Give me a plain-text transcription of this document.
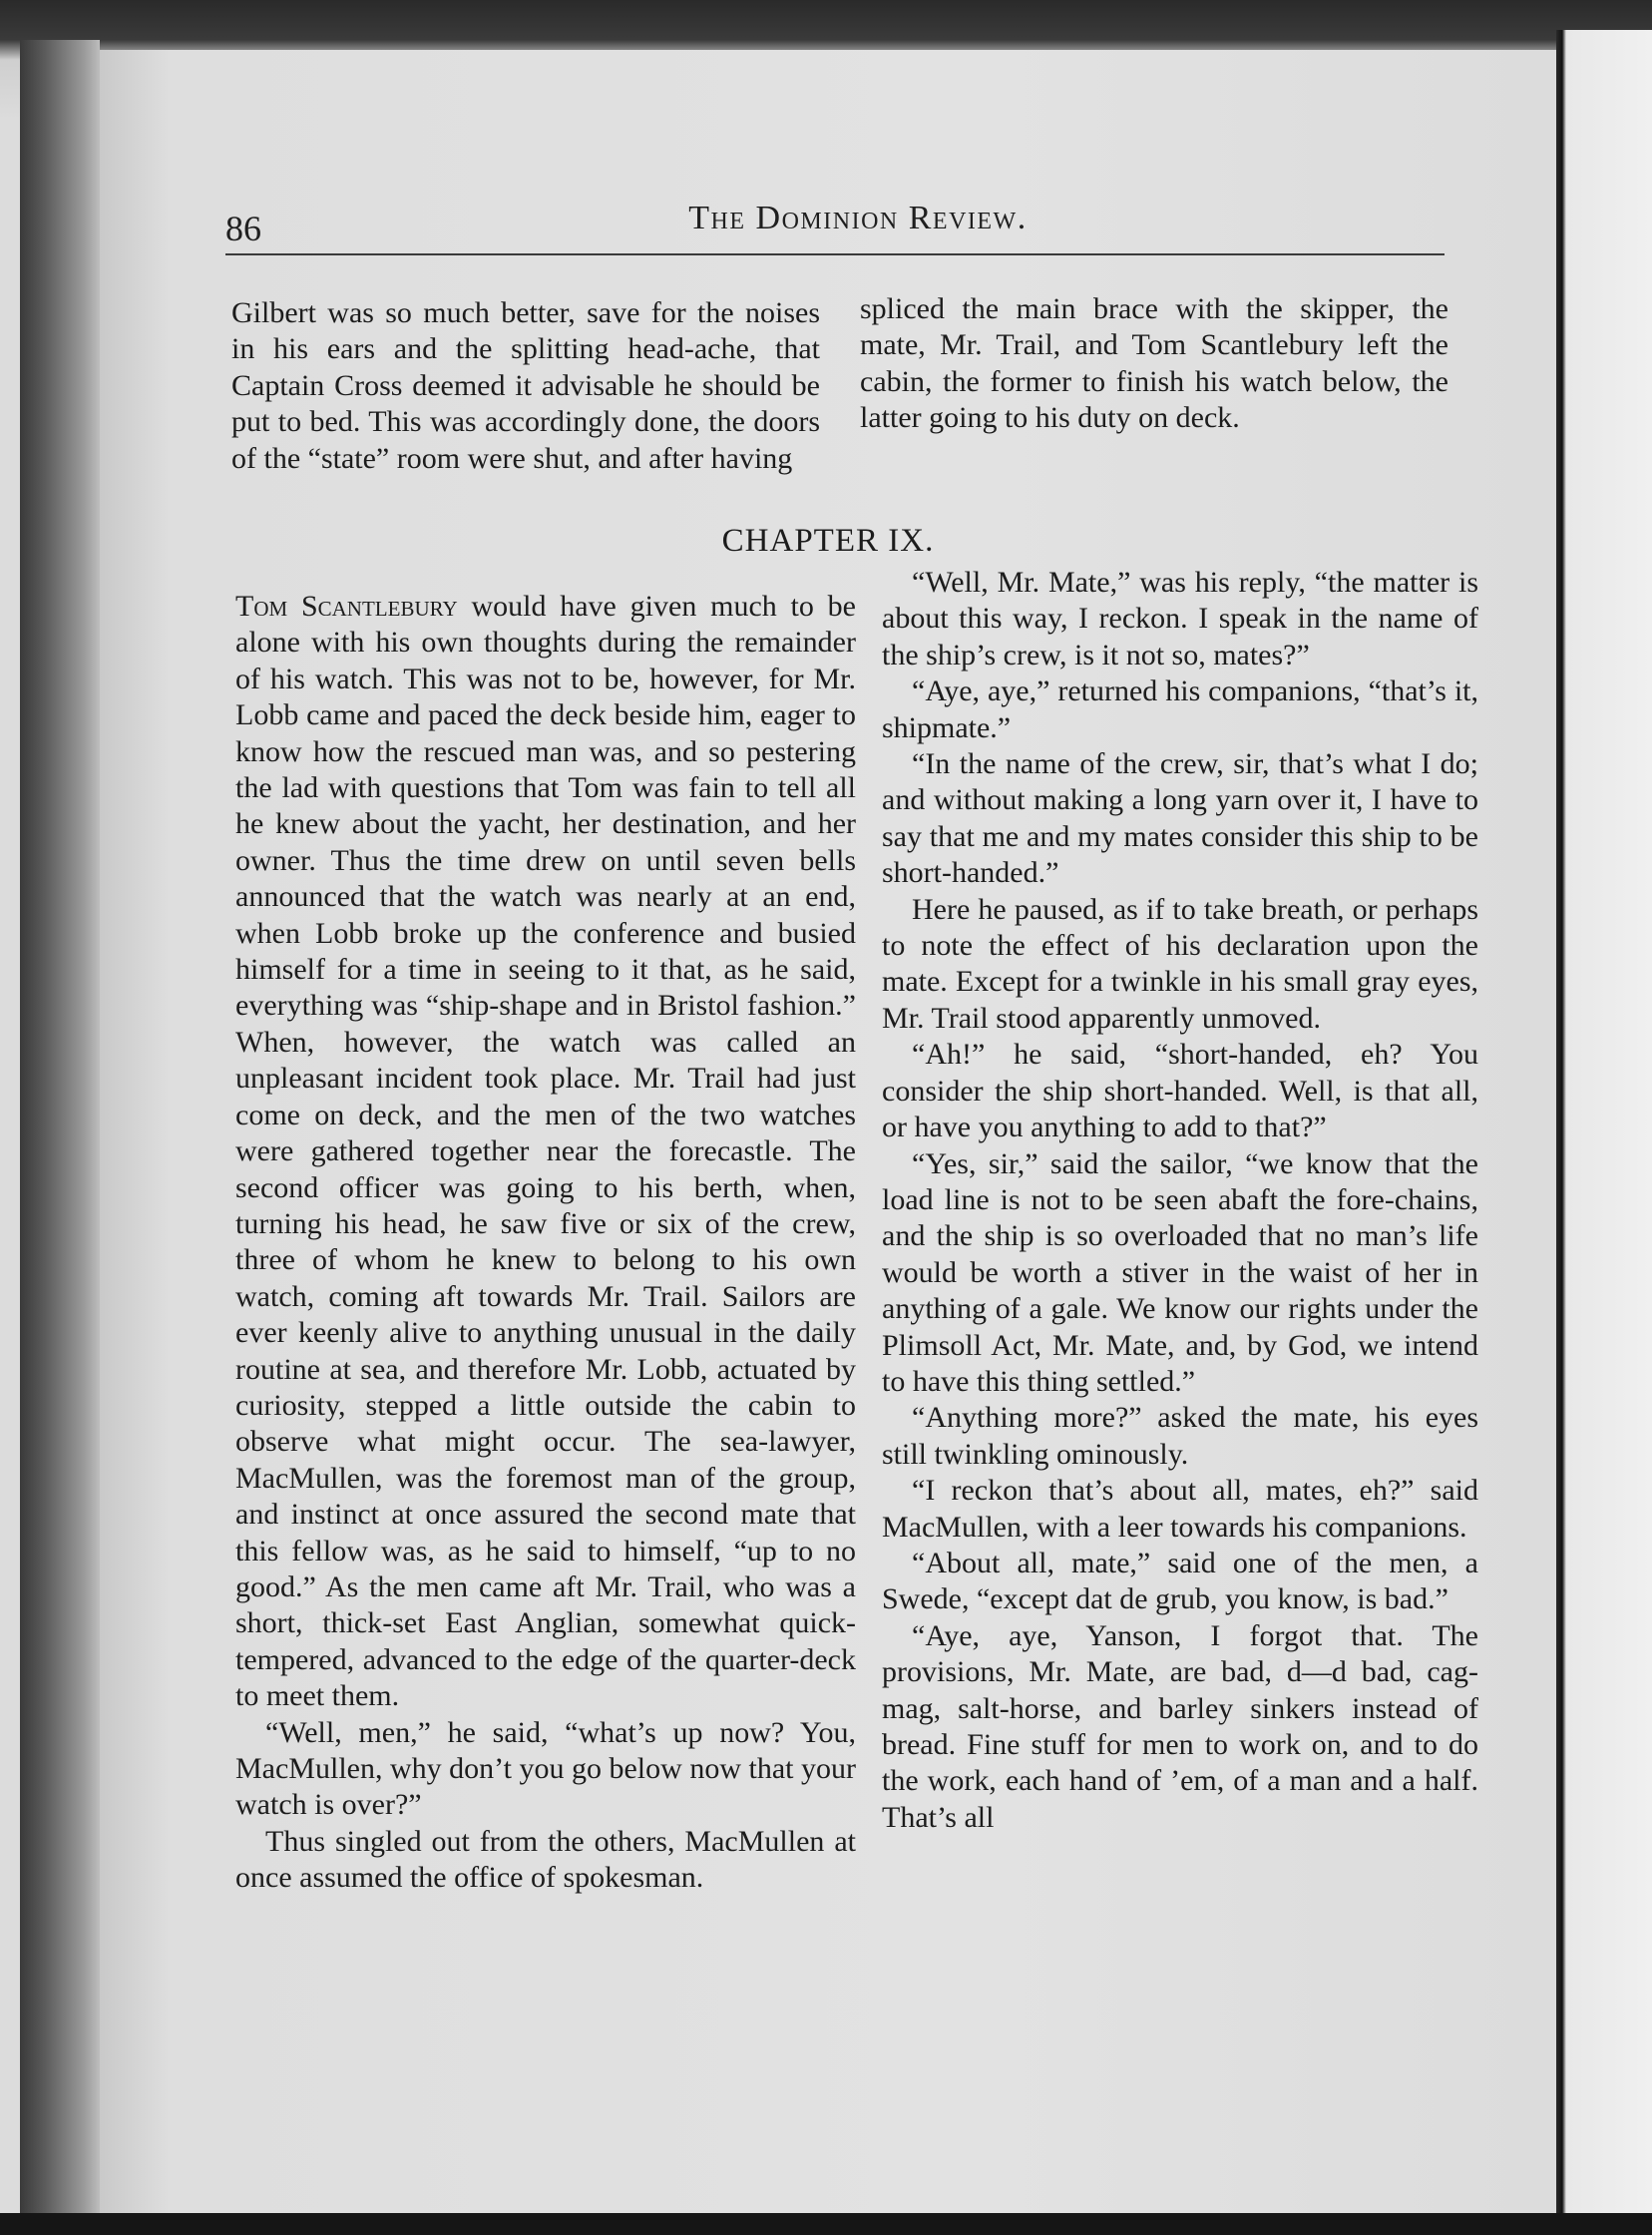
86	The Dominion Review.

Gilbert was so much better, save for the noises in his ears and the splitting head-ache, that Captain Cross deemed it advisable he should be put to bed. This was accordingly done, the doors of the “state” room were shut, and after having

spliced the main brace with the skipper, the mate, Mr. Trail, and Tom Scantlebury left the cabin, the former to finish his watch below, the latter going to his duty on deck.

CHAPTER IX.

Tom Scantlebury would have given much to be alone with his own thoughts during the remainder of his watch. This was not to be, however, for Mr. Lobb came and paced the deck beside him, eager to know how the rescued man was, and so pestering the lad with questions that Tom was fain to tell all he knew about the yacht, her destination, and her owner. Thus the time drew on until seven bells announced that the watch was nearly at an end, when Lobb broke up the conference and busied himself for a time in seeing to it that, as he said, everything was “ship-shape and in Bristol fashion.” When, however, the watch was called an unpleasant incident took place. Mr. Trail had just come on deck, and the men of the two watches were gathered together near the forecastle. The second officer was going to his berth, when, turning his head, he saw five or six of the crew, three of whom he knew to belong to his own watch, coming aft towards Mr. Trail. Sailors are ever keenly alive to anything unusual in the daily routine at sea, and therefore Mr. Lobb, actuated by curiosity, stepped a little outside the cabin to observe what might occur. The sea-lawyer, MacMullen, was the foremost man of the group, and instinct at once assured the second mate that this fellow was, as he said to himself, “up to no good.” As the men came aft Mr. Trail, who was a short, thick-set East Anglian, somewhat quick-tempered, advanced to the edge of the quarter-deck to meet them.

“Well, men,” he said, “what’s up now? You, MacMullen, why don’t you go below now that your watch is over?”

Thus singled out from the others, MacMullen at once assumed the office of spokesman.

“Well, Mr. Mate,” was his reply, “the matter is about this way, I reckon. I speak in the name of the ship’s crew, is it not so, mates?”

“Aye, aye,” returned his companions, “that’s it, shipmate.”

“In the name of the crew, sir, that’s what I do; and without making a long yarn over it, I have to say that me and my mates consider this ship to be short-handed.”

Here he paused, as if to take breath, or perhaps to note the effect of his declaration upon the mate. Except for a twinkle in his small gray eyes, Mr. Trail stood apparently unmoved.

“Ah!” he said, “short-handed, eh? You consider the ship short-handed. Well, is that all, or have you anything to add to that?”

“Yes, sir,” said the sailor, “we know that the load line is not to be seen abaft the fore-chains, and the ship is so overloaded that no man’s life would be worth a stiver in the waist of her in anything of a gale. We know our rights under the Plimsoll Act, Mr. Mate, and, by God, we intend to have this thing settled.”

“Anything more?” asked the mate, his eyes still twinkling ominously.

“I reckon that’s about all, mates, eh?” said MacMullen, with a leer towards his companions.

“About all, mate,” said one of the men, a Swede, “except dat de grub, you know, is bad.”

“Aye, aye, Yanson, I forgot that. The provisions, Mr. Mate, are bad, d—d bad, cag-mag, salt-horse, and barley sinkers instead of bread. Fine stuff for men to work on, and to do the work, each hand of ’em, of a man and a half. That’s all
